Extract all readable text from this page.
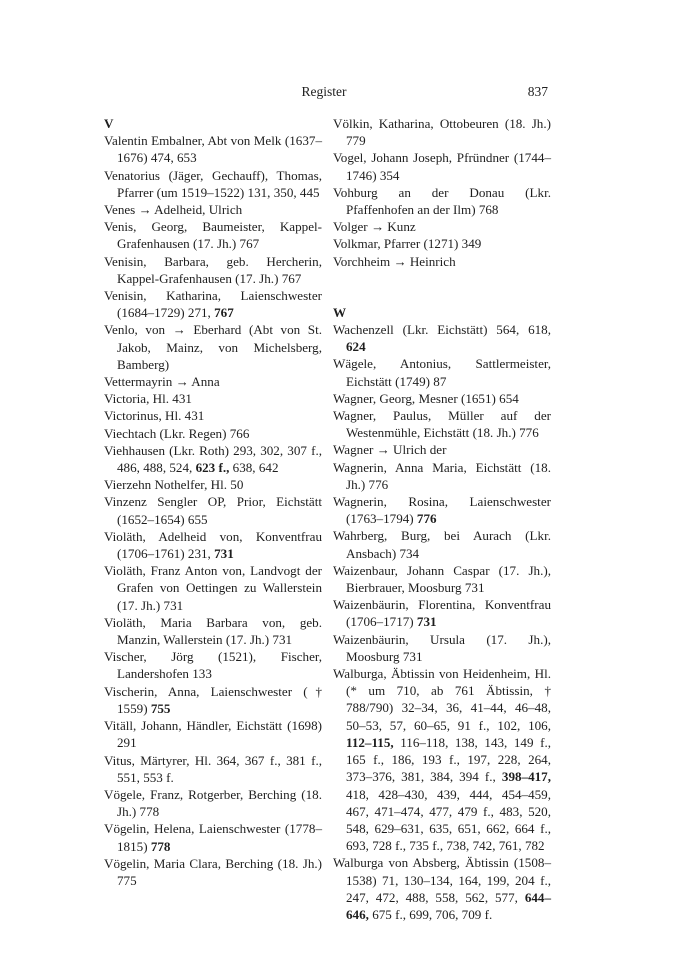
Register	837
V
Valentin Embalner, Abt von Melk (1637–1676) 474, 653
Venatorius (Jäger, Gechauff), Thomas, Pfarrer (um 1519–1522) 131, 350, 445
Venes → Adelheid, Ulrich
Venis, Georg, Baumeister, Kappel-Grafenhausen (17. Jh.) 767
Venisin, Barbara, geb. Hercherin, Kappel-Grafenhausen (17. Jh.) 767
Venisin, Katharina, Laienschwester (1684–1729) 271, 767
Venlo, von → Eberhard (Abt von St. Jakob, Mainz, von Michelsberg, Bamberg)
Vettermayrin → Anna
Victoria, Hl. 431
Victorinus, Hl. 431
Viechtach (Lkr. Regen) 766
Viehhausen (Lkr. Roth) 293, 302, 307 f., 486, 488, 524, 623 f., 638, 642
Vierzehn Nothelfer, Hl. 50
Vinzenz Sengler OP, Prior, Eichstätt (1652–1654) 655
Violäth, Adelheid von, Konventfrau (1706–1761) 231, 731
Violäth, Franz Anton von, Landvogt der Grafen von Oettingen zu Wallerstein (17. Jh.) 731
Violäth, Maria Barbara von, geb. Manzin, Wallerstein (17. Jh.) 731
Vischer, Jörg (1521), Fischer, Landershofen 133
Vischerin, Anna, Laienschwester († 1559) 755
Vitäll, Johann, Händler, Eichstätt (1698) 291
Vitus, Märtyrer, Hl. 364, 367 f., 381 f., 551, 553 f.
Vögele, Franz, Rotgerber, Berching (18. Jh.) 778
Vögelin, Helena, Laienschwester (1778–1815) 778
Vögelin, Maria Clara, Berching (18. Jh.) 775
Völkin, Katharina, Ottobeuren (18. Jh.) 779
Vogel, Johann Joseph, Pfründner (1744–1746) 354
Vohburg an der Donau (Lkr. Pfaffenhofen an der Ilm) 768
Volger → Kunz
Volkmar, Pfarrer (1271) 349
Vorchheim → Heinrich
W
Wachenzell (Lkr. Eichstätt) 564, 618, 624
Wägele, Antonius, Sattlermeister, Eichstätt (1749) 87
Wagner, Georg, Mesner (1651) 654
Wagner, Paulus, Müller auf der Westenmühle, Eichstätt (18. Jh.) 776
Wagner → Ulrich der
Wagnerin, Anna Maria, Eichstätt (18. Jh.) 776
Wagnerin, Rosina, Laienschwester (1763–1794) 776
Wahrberg, Burg, bei Aurach (Lkr. Ansbach) 734
Waizenbaur, Johann Caspar (17. Jh.), Bierbrauer, Moosburg 731
Waizenbäurin, Florentina, Konventfrau (1706–1717) 731
Waizenbäurin, Ursula (17. Jh.), Moosburg 731
Walburga, Äbtissin von Heidenheim, Hl. (* um 710, ab 761 Äbtissin, † 788/790) 32–34, 36, 41–44, 46–48, 50–53, 57, 60–65, 91 f., 102, 106, 112–115, 116–118, 138, 143, 149 f., 165 f., 186, 193 f., 197, 228, 264, 373–376, 381, 384, 394 f., 398–417, 418, 428–430, 439, 444, 454–459, 467, 471–474, 477, 479 f., 483, 520, 548, 629–631, 635, 651, 662, 664 f., 693, 728 f., 735 f., 738, 742, 761, 782
Walburga von Absberg, Äbtissin (1508–1538) 71, 130–134, 164, 199, 204 f., 247, 472, 488, 558, 562, 577, 644–646, 675 f., 699, 706, 709 f.
